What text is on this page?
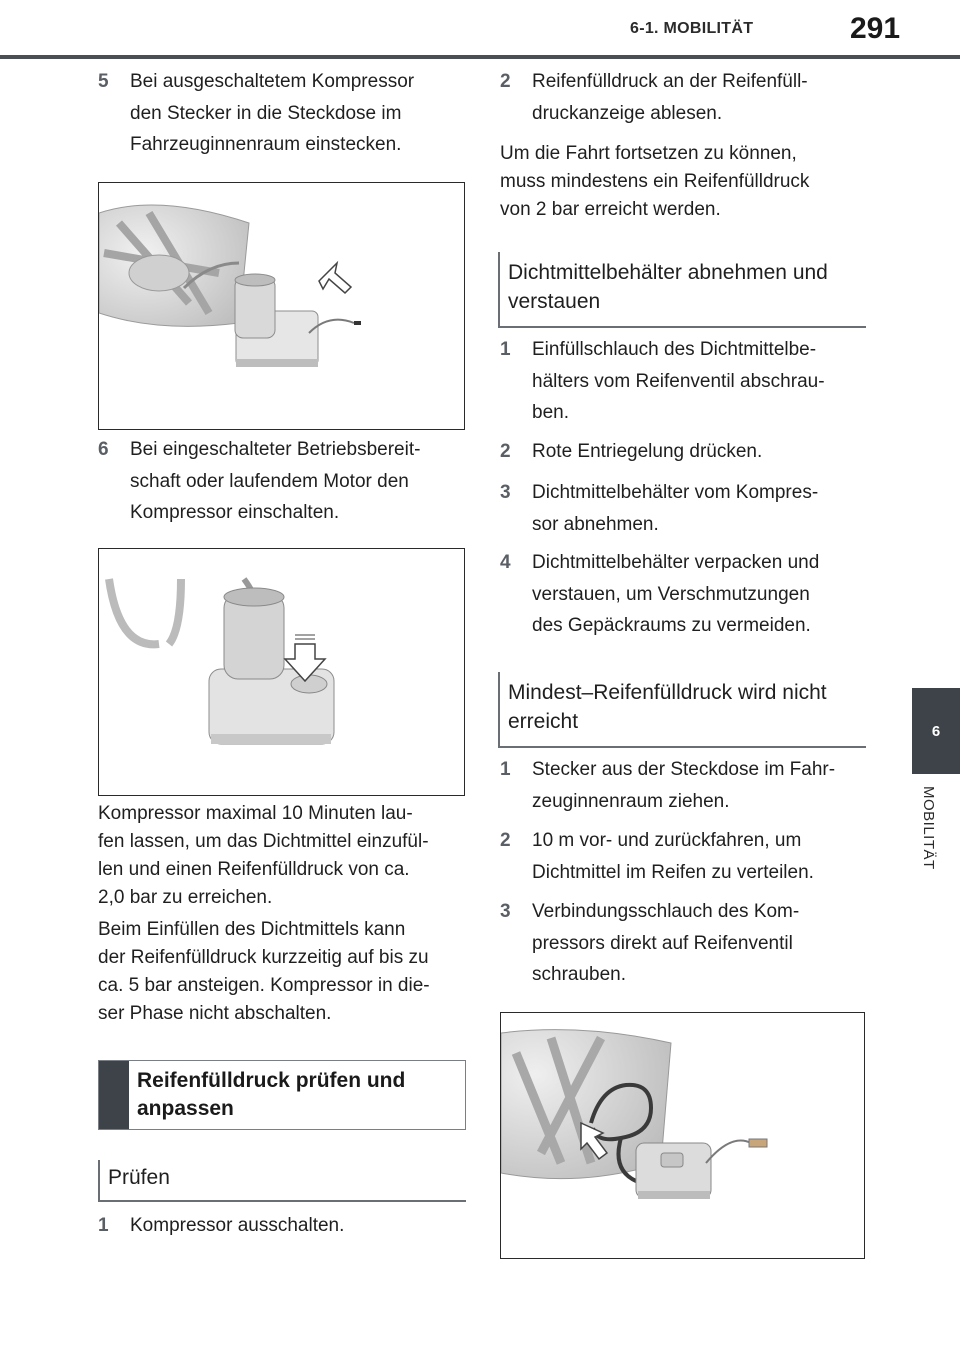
6-1. MOBILITÄT	291
6
MOBILITÄT
5	Bei ausgeschaltetem Kompressor
den Stecker in die Steckdose im
Fahrzeuginnenraum einstecken.
6	Bei eingeschalteter Betriebsbereit-
schaft oder laufendem Motor den
Kompressor einschalten.
Kompressor maximal 10 Minuten lau-
fen lassen, um das Dichtmittel einzufül-
len und einen Reifenfülldruck von ca.
2,0 bar zu erreichen.
Beim Einfüllen des Dichtmittels kann
der Reifenfülldruck kurzzeitig auf bis zu
ca. 5 bar ansteigen. Kompressor in die-
ser Phase nicht abschalten.
Reifenfülldruck prüfen und
anpassen
Prüfen
1	Kompressor ausschalten.
2	Reifenfülldruck an der Reifenfüll-
druckanzeige ablesen.
Um die Fahrt fortsetzen zu können,
muss mindestens ein Reifenfülldruck
von 2 bar erreicht werden.
Dichtmittelbehälter abnehmen und
verstauen
1	Einfüllschlauch des Dichtmittelbe-
hälters vom Reifenventil abschrau-
ben.
2	Rote Entriegelung drücken.
3	Dichtmittelbehälter vom Kompres-
sor abnehmen.
4	Dichtmittelbehälter verpacken und
verstauen, um Verschmutzungen
des Gepäckraums zu vermeiden.
Mindest–Reifenfülldruck wird nicht
erreicht
1	Stecker aus der Steckdose im Fahr-
zeuginnenraum ziehen.
2	10 m vor- und zurückfahren, um
Dichtmittel im Reifen zu verteilen.
3	Verbindungsschlauch des Kom-
pressors direkt auf Reifenventil
schrauben.
